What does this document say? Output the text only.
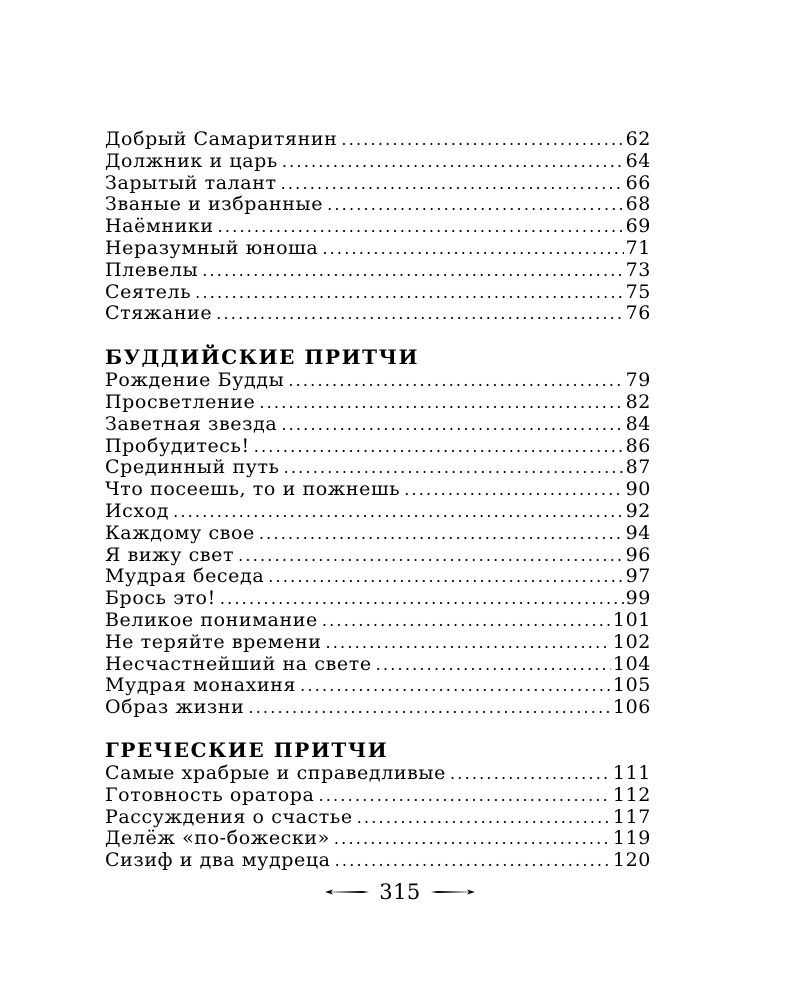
Добрый Самаритянин .....	62
Должник и царь .....	64
Зарытый талант .....	66
Званые и избранные .....	68
Наёмники .....	69
Неразумный юноша .....	71
Плевелы .....	73
Сеятель .....	75
Стяжание .....	76
БУДДИЙСКИЕ ПРИТЧИ
Рождение Будды .....	79
Просветление .....	82
Заветная звезда .....	84
Пробудитесь! .....	86
Срединный путь .....	87
Что посеешь, то и пожнешь .....	90
Исход .....	92
Каждому свое .....	94
Я вижу свет .....	96
Мудрая беседа .....	97
Брось это! .....	99
Великое понимание .....	101
Не теряйте времени .....	102
Несчастнейший на свете .....	104
Мудрая монахиня .....	105
Образ жизни .....	106
ГРЕЧЕСКИЕ ПРИТЧИ
Самые храбрые и справедливые .....	111
Готовность оратора .....	112
Рассуждения о счастье .....	117
Делёж «по-божески» .....	119
Сизиф и два мудреца .....	120
315
